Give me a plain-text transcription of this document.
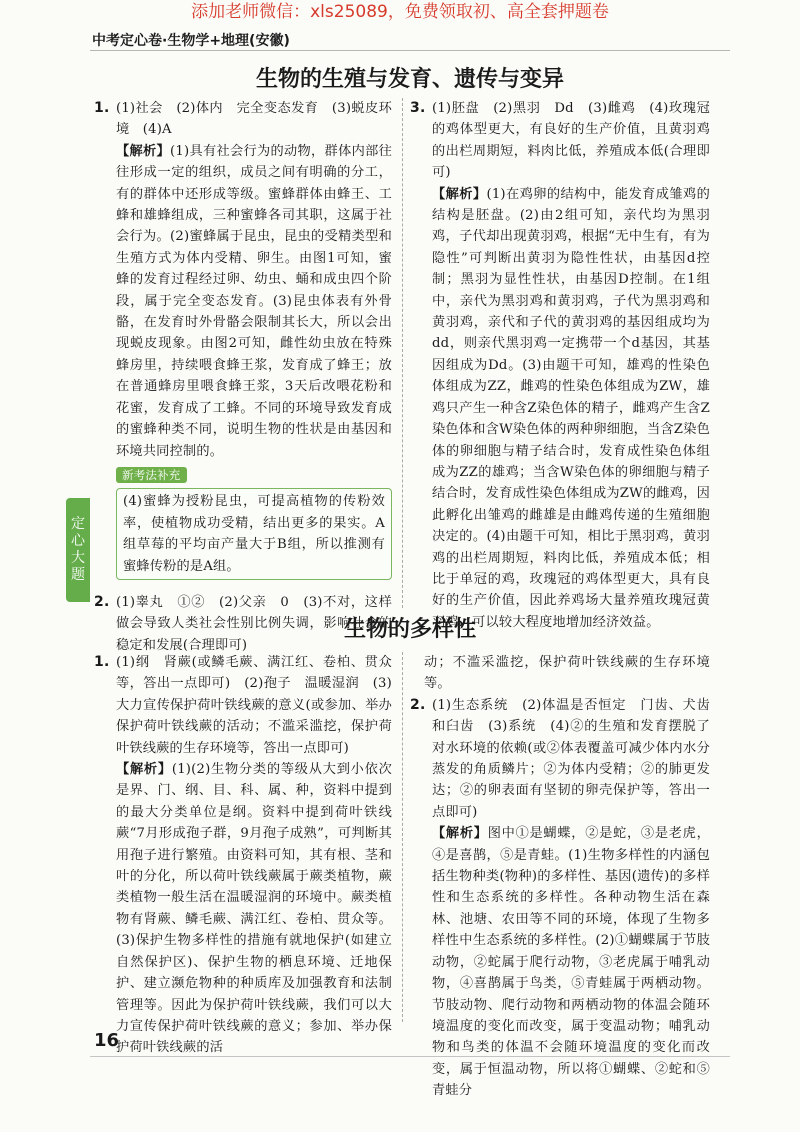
添加老师微信：xls25089，免费领取初、高全套押题卷
中考定心卷·生物学+地理(安徽)
生物的生殖与发育、遗传与变异
1. (1)社会　(2)体内　完全变态发育　(3)蜕皮环境　(4)A

【解析】(1)具有社会行为的动物，群体内部往往形成一定的组织，成员之间有明确的分工，有的群体中还形成等级。蜜蜂群体由蜂王、工蜂和雄蜂组成，三种蜜蜂各司其职，这属于社会行为。(2)蜜蜂属于昆虫，昆虫的受精类型和生殖方式为体内受精、卵生。由图1可知，蜜蜂的发育过程经过卵、幼虫、蛹和成虫四个阶段，属于完全变态发育。(3)昆虫体表有外骨骼，在发育时外骨骼会限制其长大，所以会出现蜕皮现象。由图2可知，雌性幼虫放在特殊蜂房里，持续喂食蜂王浆，发育成了蜂王；放在普通蜂房里喂食蜂王浆，3天后改喂花粉和花蜜，发育成了工蜂。不同的环境导致发育成的蜜蜂种类不同，说明生物的性状是由基因和环境共同控制的。

新考法补充

(4)蜜蜂为授粉昆虫，可提高植物的传粉效率，使植物成功受精，结出更多的果实。A组草莓的平均亩产量大于B组，所以推测有蜜蜂传粉的是A组。

2. (1)睾丸　①②　(2)父亲　0　(3)不对，这样做会导致人类社会性别比例失调，影响社会的稳定和发展(合理即可)

3. (1)胚盘　(2)黑羽　Dd　(3)雌鸡　(4)玫瑰冠的鸡体型更大，有良好的生产价值，且黄羽鸡的出栏周期短，料肉比低，养殖成本低(合理即可)

【解析】(1)在鸡卵的结构中，能发育成雏鸡的结构是胚盘。(2)由2组可知，亲代均为黑羽鸡，子代却出现黄羽鸡，根据“无中生有，有为隐性”可判断出黄羽为隐性性状，由基因d控制；黑羽为显性性状，由基因D控制。在1组中，亲代为黑羽鸡和黄羽鸡，子代为黑羽鸡和黄羽鸡，亲代和子代的黄羽鸡的基因组成均为dd，则亲代黑羽鸡一定携带一个d基因，其基因组成为Dd。(3)由题干可知，雄鸡的性染色体组成为ZZ，雌鸡的性染色体组成为ZW，雄鸡只产生一种含Z染色体的精子，雌鸡产生含Z染色体和含W染色体的两种卵细胞，当含Z染色体的卵细胞与精子结合时，发育成性染色体组成为ZZ的雄鸡；当含W染色体的卵细胞与精子结合时，发育成性染色体组成为ZW的雌鸡，因此孵化出雏鸡的雌雄是由雌鸡传递的生殖细胞决定的。(4)由题干可知，相比于黑羽鸡，黄羽鸡的出栏周期短，料肉比低，养殖成本低；相比于单冠的鸡，玫瑰冠的鸡体型更大，具有良好的生产价值，因此养鸡场大量养殖玫瑰冠黄羽鸡，可以较大程度地增加经济效益。

生物的多样性
1. (1)纲　肾蕨(或鳞毛蕨、满江红、卷柏、贯众等，答出一点即可)　(2)孢子　温暖湿润　(3)大力宣传保护荷叶铁线蕨的意义(或参加、举办保护荷叶铁线蕨的活动；不滥采滥挖，保护荷叶铁线蕨的生存环境等，答出一点即可)

【解析】(1)(2)生物分类的等级从大到小依次是界、门、纲、目、科、属、种，资料中提到的最大分类单位是纲。资料中提到荷叶铁线蕨“7月形成孢子群，9月孢子成熟”，可判断其用孢子进行繁殖。由资料可知，其有根、茎和叶的分化，所以荷叶铁线蕨属于蕨类植物，蕨类植物一般生活在温暖湿润的环境中。蕨类植物有肾蕨、鳞毛蕨、满江红、卷柏、贯众等。(3)保护生物多样性的措施有就地保护(如建立自然保护区)、保护生物的栖息环境、迁地保护、建立濒危物种的种质库及加强教育和法制管理等。因此为保护荷叶铁线蕨，我们可以大力宣传保护荷叶铁线蕨的意义；参加、举办保护荷叶铁线蕨的活

动；不滥采滥挖，保护荷叶铁线蕨的生存环境等。

2. (1)生态系统　(2)体温是否恒定　门齿、犬齿和臼齿　(3)系统　(4)②的生殖和发育摆脱了对水环境的依赖(或②体表覆盖可减少体内水分蒸发的角质鳞片；②为体内受精；②的肺更发达；②的卵表面有坚韧的卵壳保护等，答出一点即可)

【解析】图中①是蝴蝶，②是蛇，③是老虎，④是喜鹊，⑤是青蛙。(1)生物多样性的内涵包括生物种类(物种)的多样性、基因(遗传)的多样性和生态系统的多样性。各种动物生活在森林、池塘、农田等不同的环境，体现了生物多样性中生态系统的多样性。(2)①蝴蝶属于节肢动物，②蛇属于爬行动物，③老虎属于哺乳动物，④喜鹊属于鸟类，⑤青蛙属于两栖动物。节肢动物、爬行动物和两栖动物的体温会随环境温度的变化而改变，属于变温动物；哺乳动物和鸟类的体温不会随环境温度的变化而改变，属于恒温动物，所以将①蝴蝶、②蛇和⑤青蛙分

定
心
大
题
16
